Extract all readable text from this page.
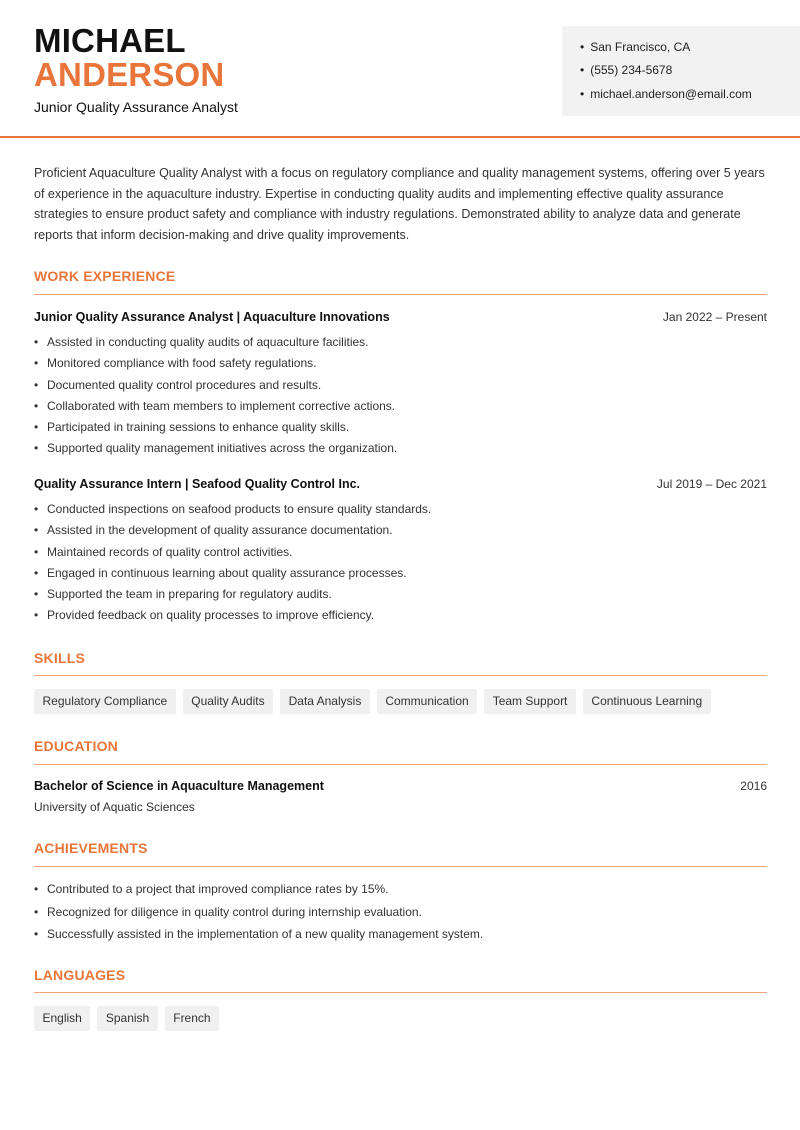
MICHAEL
ANDERSON
Junior Quality Assurance Analyst
• San Francisco, CA
• (555) 234-5678
• michael.anderson@email.com
Proficient Aquaculture Quality Analyst with a focus on regulatory compliance and quality management systems, offering over 5 years of experience in the aquaculture industry. Expertise in conducting quality audits and implementing effective quality assurance strategies to ensure product safety and compliance with industry regulations. Demonstrated ability to analyze data and generate reports that inform decision-making and drive quality improvements.
WORK EXPERIENCE
Junior Quality Assurance Analyst | Aquaculture Innovations	Jan 2022 – Present
• Assisted in conducting quality audits of aquaculture facilities.
• Monitored compliance with food safety regulations.
• Documented quality control procedures and results.
• Collaborated with team members to implement corrective actions.
• Participated in training sessions to enhance quality skills.
• Supported quality management initiatives across the organization.
Quality Assurance Intern | Seafood Quality Control Inc.	Jul 2019 – Dec 2021
• Conducted inspections on seafood products to ensure quality standards.
• Assisted in the development of quality assurance documentation.
• Maintained records of quality control activities.
• Engaged in continuous learning about quality assurance processes.
• Supported the team in preparing for regulatory audits.
• Provided feedback on quality processes to improve efficiency.
SKILLS
Regulatory Compliance	Quality Audits	Data Analysis	Communication	Team Support	Continuous Learning
EDUCATION
Bachelor of Science in Aquaculture Management	2016
University of Aquatic Sciences
ACHIEVEMENTS
• Contributed to a project that improved compliance rates by 15%.
• Recognized for diligence in quality control during internship evaluation.
• Successfully assisted in the implementation of a new quality management system.
LANGUAGES
English	Spanish	French
